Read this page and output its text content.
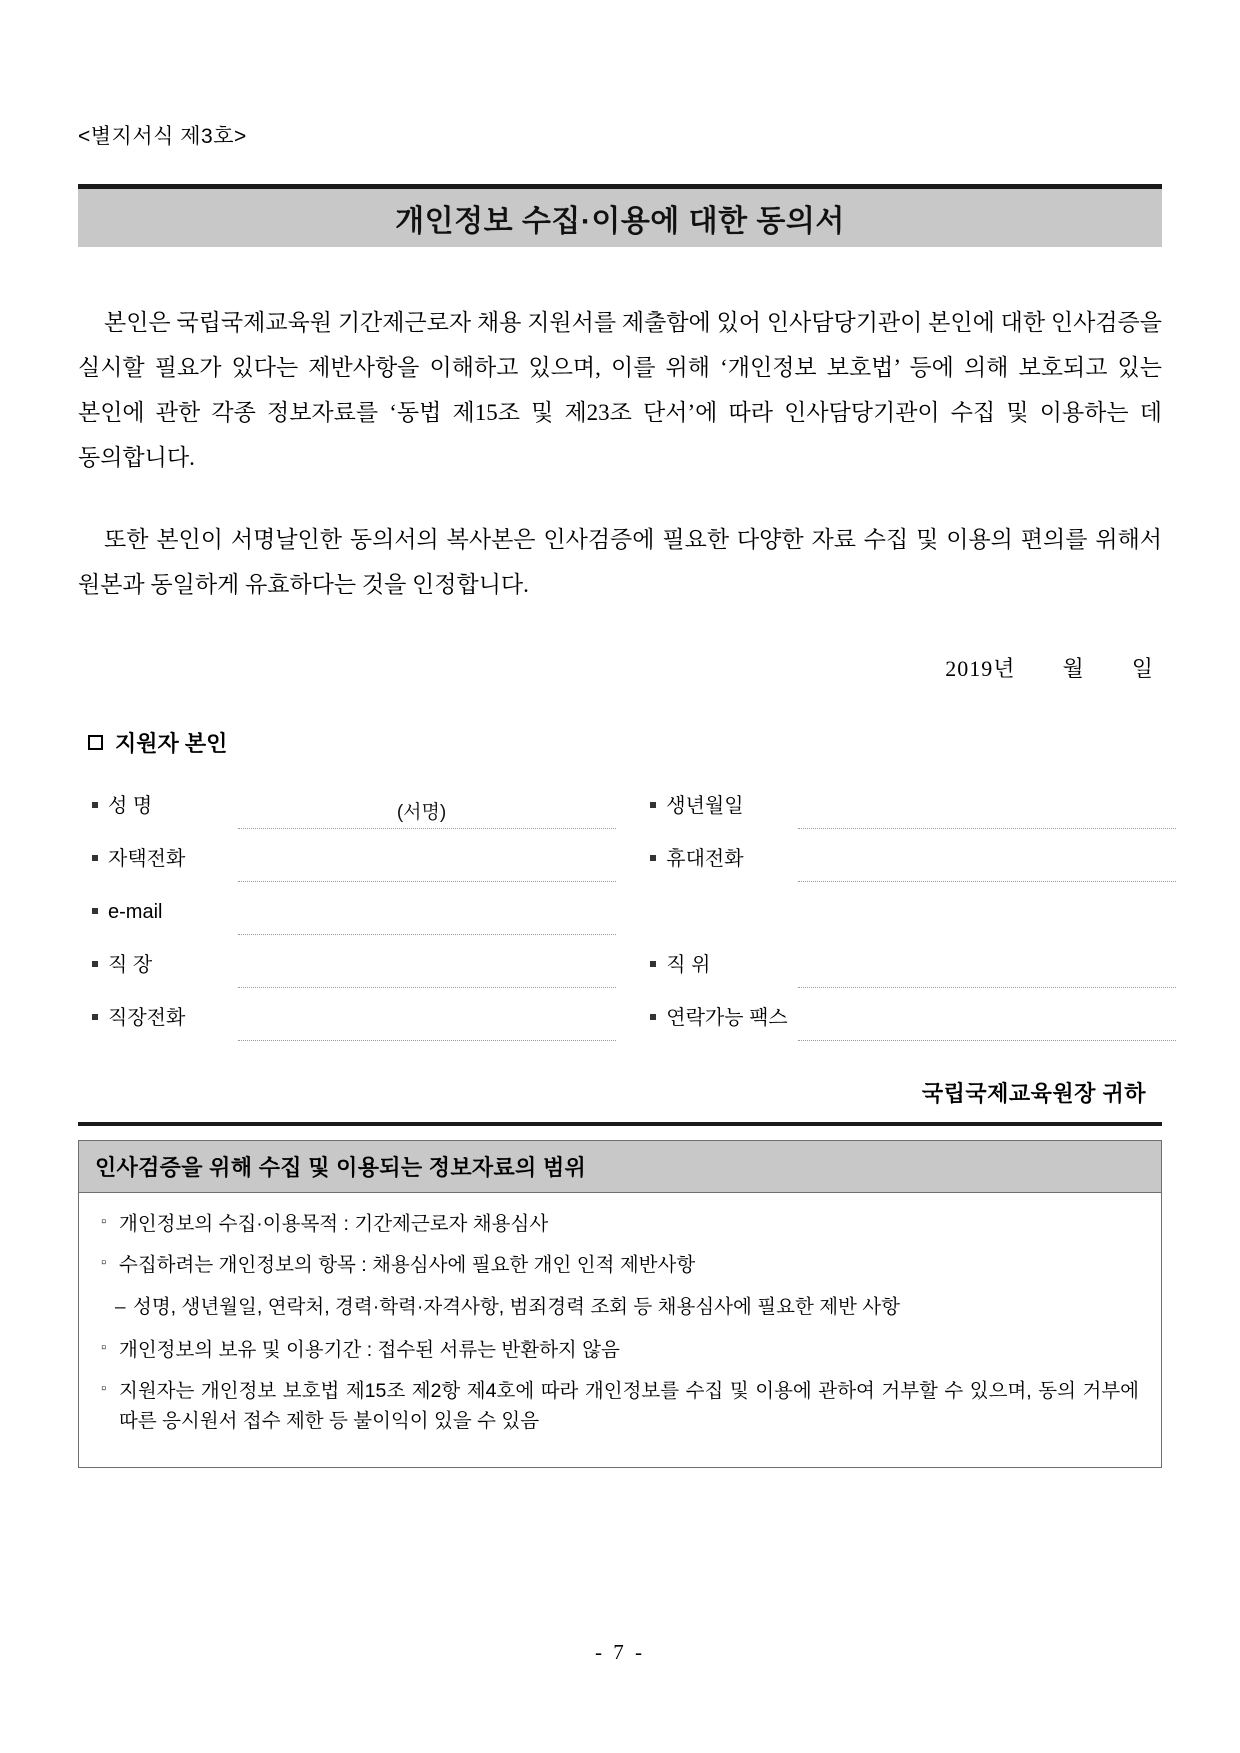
<별지서식 제3호>
개인정보 수집·이용에 대한 동의서

본인은 국립국제교육원 기간제근로자 채용 지원서를 제출함에 있어 인사담당기관이 본인에 대한 인사검증을 실시할 필요가 있다는 제반사항을 이해하고 있으며, 이를 위해 ‘개인정보 보호법’ 등에 의해 보호되고 있는 본인에 관한 각종 정보자료를 ‘동법 제15조 및 제23조 단서’에 따라 인사담당기관이 수집 및 이용하는 데 동의합니다.

또한 본인이 서명날인한 동의서의 복사본은 인사검증에 필요한 다양한 자료 수집 및 이용의 편의를 위해서 원본과 동일하게 유효하다는 것을 인정합니다.

2019년 월 일
지원자 본인
성 명	(서명)		생년월일	
자택전화			휴대전화	
e-mail				
직 장			직 위	
직장전화			연락가능 팩스	
국립국제교육원장 귀하
인사검증을 위해 수집 및 이용되는 정보자료의 범위
▫ 개인정보의 수집·이용목적 : 기간제근로자 채용심사
▫ 수집하려는 개인정보의 항목 : 채용심사에 필요한 개인 인적 제반사항
– 성명, 생년월일, 연락처, 경력·학력·자격사항, 범죄경력 조회 등 채용심사에 필요한 제반 사항
▫ 개인정보의 보유 및 이용기간 : 접수된 서류는 반환하지 않음
▫ 지원자는 개인정보 보호법 제15조 제2항 제4호에 따라 개인정보를 수집 및 이용에 관하여 거부할 수 있으며, 동의 거부에 따른 응시원서 접수 제한 등 불이익이 있을 수 있음
- 7 -
